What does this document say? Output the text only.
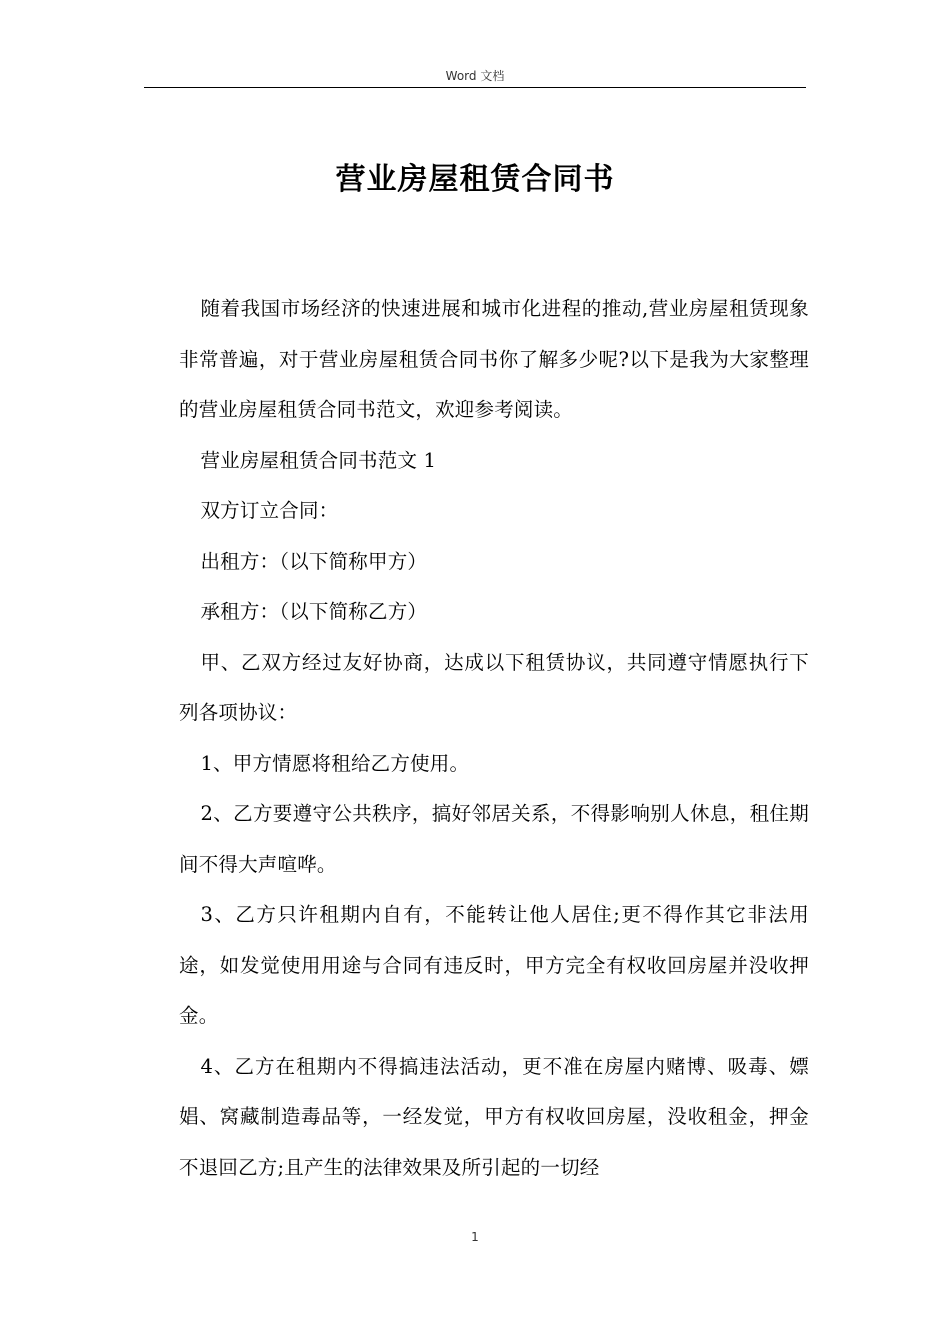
Word 文档
营业房屋租赁合同书

随着我国市场经济的快速进展和城市化进程的推动,营业房屋租赁现象非常普遍，对于营业房屋租赁合同书你了解多少呢?以下是我为大家整理的营业房屋租赁合同书范文，欢迎参考阅读。

营业房屋租赁合同书范文 1

双方订立合同：

出租方：（以下简称甲方）

承租方：（以下简称乙方）

甲、乙双方经过友好协商，达成以下租赁协议，共同遵守情愿执行下列各项协议：

1、甲方情愿将租给乙方使用。

2、乙方要遵守公共秩序，搞好邻居关系，不得影响别人休息，租住期间不得大声喧哗。

3、乙方只许租期内自有，不能转让他人居住;更不得作其它非法用途，如发觉使用用途与合同有违反时，甲方完全有权收回房屋并没收押金。

4、乙方在租期内不得搞违法活动，更不准在房屋内赌博、吸毒、嫖娼、窝藏制造毒品等，一经发觉，甲方有权收回房屋，没收租金，押金不退回乙方;且产生的法律效果及所引起的一切经

1
